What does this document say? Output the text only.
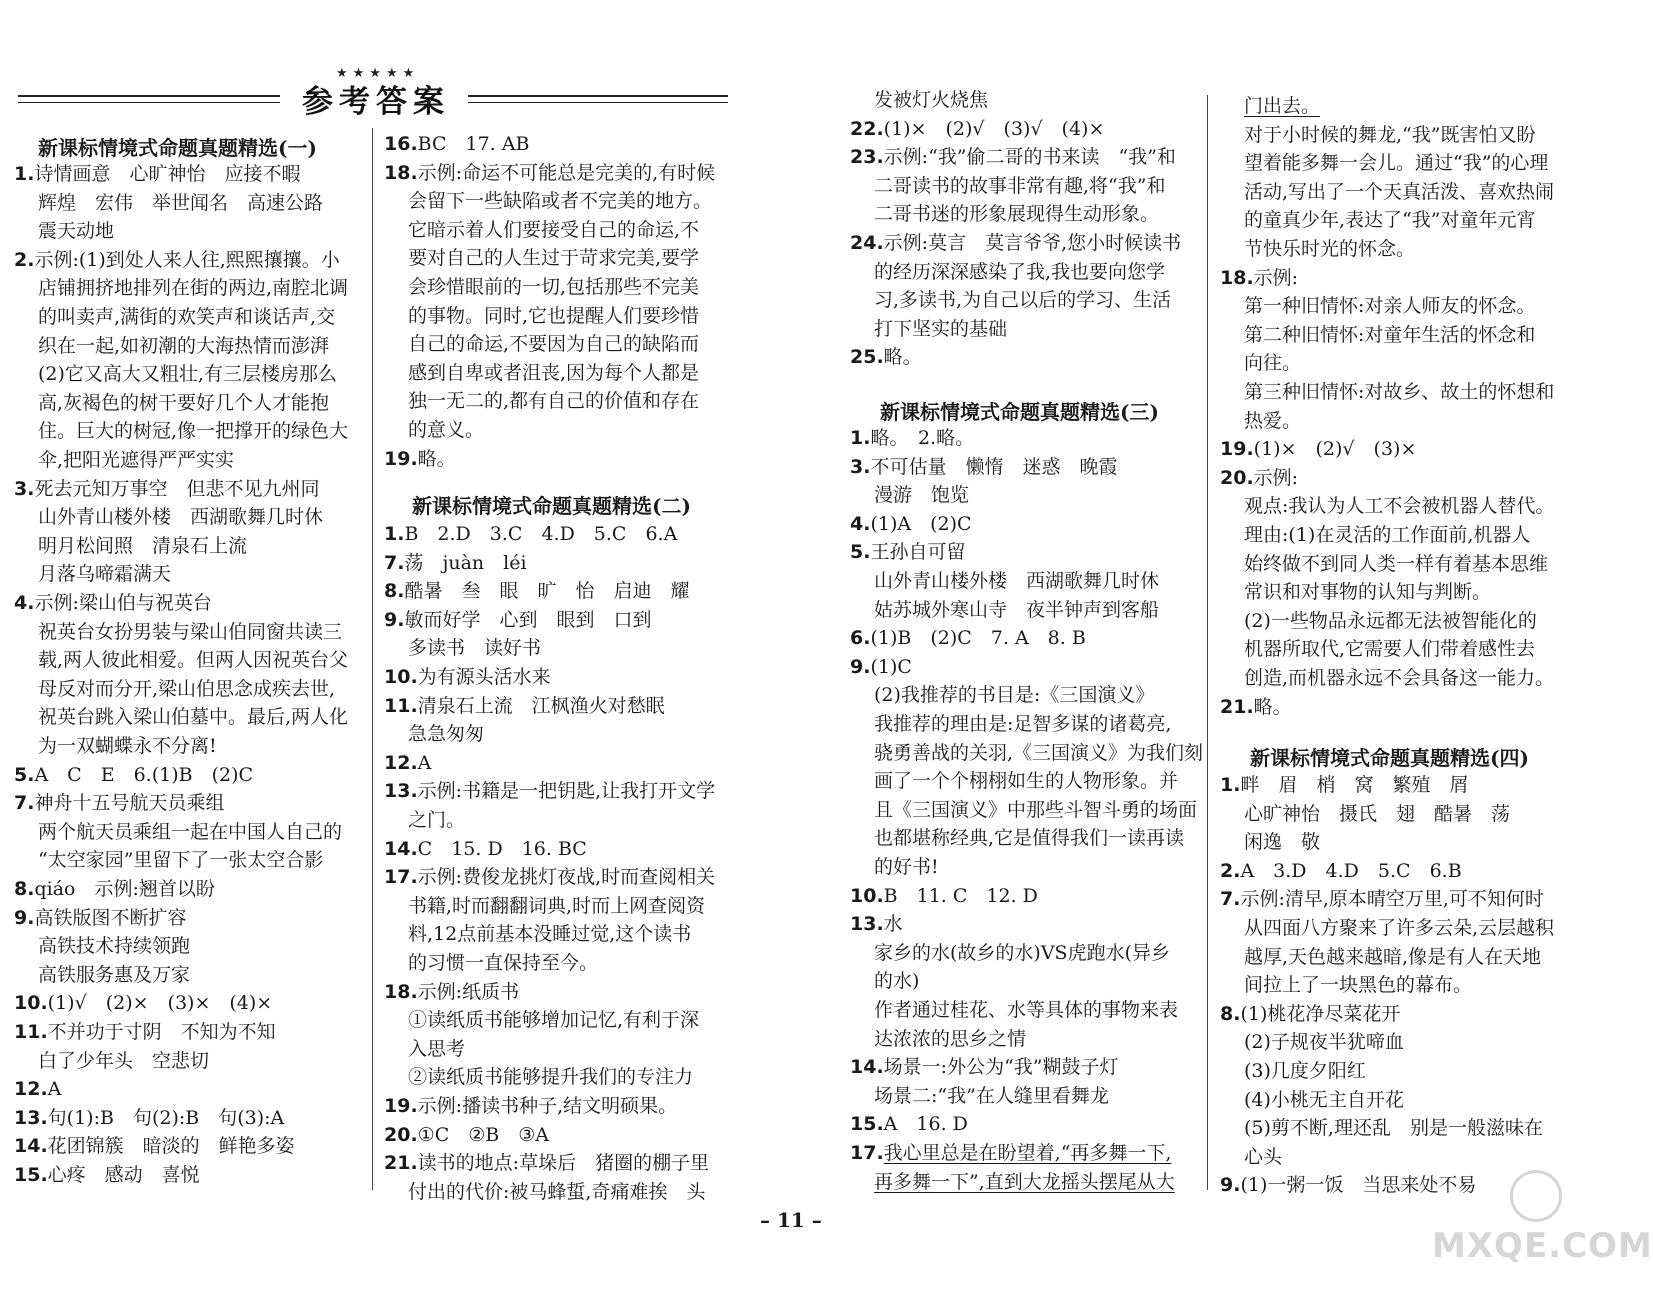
★★★★★
参考答案
新课标情境式命题真题精选(一)
1.诗情画意　心旷神怡　应接不暇
辉煌　宏伟　举世闻名　高速公路
震天动地
2.示例:(1)到处人来人往,熙熙攘攘。小
店铺拥挤地排列在街的两边,南腔北调
的叫卖声,满街的欢笑声和谈话声,交
织在一起,如初潮的大海热情而澎湃
(2)它又高大又粗壮,有三层楼房那么
高,灰褐色的树干要好几个人才能抱
住。巨大的树冠,像一把撑开的绿色大
伞,把阳光遮得严严实实
3.死去元知万事空　但悲不见九州同
山外青山楼外楼　西湖歌舞几时休
明月松间照　清泉石上流
月落乌啼霜满天
4.示例:梁山伯与祝英台
祝英台女扮男装与梁山伯同窗共读三
载,两人彼此相爱。但两人因祝英台父
母反对而分开,梁山伯思念成疾去世,
祝英台跳入梁山伯墓中。最后,两人化
为一双蝴蝶永不分离!
5.A　C　E　6.(1)B　(2)C
7.神舟十五号航天员乘组
两个航天员乘组一起在中国人自己的
“太空家园”里留下了一张太空合影
8.qiáo　示例:翘首以盼
9.高铁版图不断扩容
高铁技术持续领跑
高铁服务惠及万家
10.(1)√　(2)×　(3)×　(4)×
11.不并功于寸阴　不知为不知
白了少年头　空悲切
12.A
13.句(1):B　句(2):B　句(3):A
14.花团锦簇　暗淡的　鲜艳多姿
15.心疼　感动　喜悦
16.BC　17. AB
18.示例:命运不可能总是完美的,有时候
会留下一些缺陷或者不完美的地方。
它暗示着人们要接受自己的命运,不
要对自己的人生过于苛求完美,要学
会珍惜眼前的一切,包括那些不完美
的事物。同时,它也提醒人们要珍惜
自己的命运,不要因为自己的缺陷而
感到自卑或者沮丧,因为每个人都是
独一无二的,都有自己的价值和存在
的意义。
19.略。
新课标情境式命题真题精选(二)
1.B　2.D　3.C　4.D　5.C　6.A
7.荡　juàn　léi
8.酷暑　叁　眼　旷　怡　启迪　耀
9.敏而好学　心到　眼到　口到
多读书　读好书
10.为有源头活水来
11.清泉石上流　江枫渔火对愁眠
急急匆匆
12.A
13.示例:书籍是一把钥匙,让我打开文学
之门。
14.C　15. D　16. BC
17.示例:费俊龙挑灯夜战,时而查阅相关
书籍,时而翻翻词典,时而上网查阅资
料,12点前基本没睡过觉,这个读书
的习惯一直保持至今。
18.示例:纸质书
①读纸质书能够增加记忆,有利于深
入思考
②读纸质书能够提升我们的专注力
19.示例:播读书种子,结文明硕果。
20.①C　②B　③A
21.读书的地点:草垛后　猪圈的棚子里
付出的代价:被马蜂蜇,奇痛难挨　头
发被灯火烧焦
22.(1)×　(2)√　(3)√　(4)×
23.示例:“我”偷二哥的书来读　“我”和
二哥读书的故事非常有趣,将“我”和
二哥书迷的形象展现得生动形象。
24.示例:莫言　莫言爷爷,您小时候读书
的经历深深感染了我,我也要向您学
习,多读书,为自己以后的学习、生活
打下坚实的基础
25.略。
新课标情境式命题真题精选(三)
1.略。　2.略。
3.不可估量　懒惰　迷惑　晚霞
漫游　饱览
4.(1)A　(2)C
5.王孙自可留
山外青山楼外楼　西湖歌舞几时休
姑苏城外寒山寺　夜半钟声到客船
6.(1)B　(2)C　7. A　8. B
9.(1)C
(2)我推荐的书目是:《三国演义》
我推荐的理由是:足智多谋的诸葛亮,
骁勇善战的关羽,《三国演义》为我们刻
画了一个个栩栩如生的人物形象。并
且《三国演义》中那些斗智斗勇的场面
也都堪称经典,它是值得我们一读再读
的好书!
10.B　11. C　12. D
13.水
家乡的水(故乡的水)VS虎跑水(异乡
的水)
作者通过桂花、水等具体的事物来表
达浓浓的思乡之情
14.场景一:外公为“我”糊鼓子灯
场景二:“我”在人缝里看舞龙
15.A　16. D
17.我心里总是在盼望着,“再多舞一下,
再多舞一下”,直到大龙摇头摆尾从大
门出去。
对于小时候的舞龙,“我”既害怕又盼
望着能多舞一会儿。通过“我”的心理
活动,写出了一个天真活泼、喜欢热闹
的童真少年,表达了“我”对童年元宵
节快乐时光的怀念。
18.示例:
第一种旧情怀:对亲人师友的怀念。
第二种旧情怀:对童年生活的怀念和
向往。
第三种旧情怀:对故乡、故土的怀想和
热爱。
19.(1)×　(2)√　(3)×
20.示例:
观点:我认为人工不会被机器人替代。
理由:(1)在灵活的工作面前,机器人
始终做不到同人类一样有着基本思维
常识和对事物的认知与判断。
(2)一些物品永远都无法被智能化的
机器所取代,它需要人们带着感性去
创造,而机器永远不会具备这一能力。
21.略。
新课标情境式命题真题精选(四)
1.畔　眉　梢　窝　繁殖　屑
心旷神怡　摄氏　翅　酷暑　荡
闲逸　敬
2.A　3.D　4.D　5.C　6.B
7.示例:清早,原本晴空万里,可不知何时
从四面八方聚来了许多云朵,云层越积
越厚,天色越来越暗,像是有人在天地
间拉上了一块黑色的幕布。
8.(1)桃花净尽菜花开
(2)子规夜半犹啼血
(3)几度夕阳红
(4)小桃无主自开花
(5)剪不断,理还乱　别是一般滋味在
心头
9.(1)一粥一饭　当思来处不易
– 11 –
MXQE.COM
